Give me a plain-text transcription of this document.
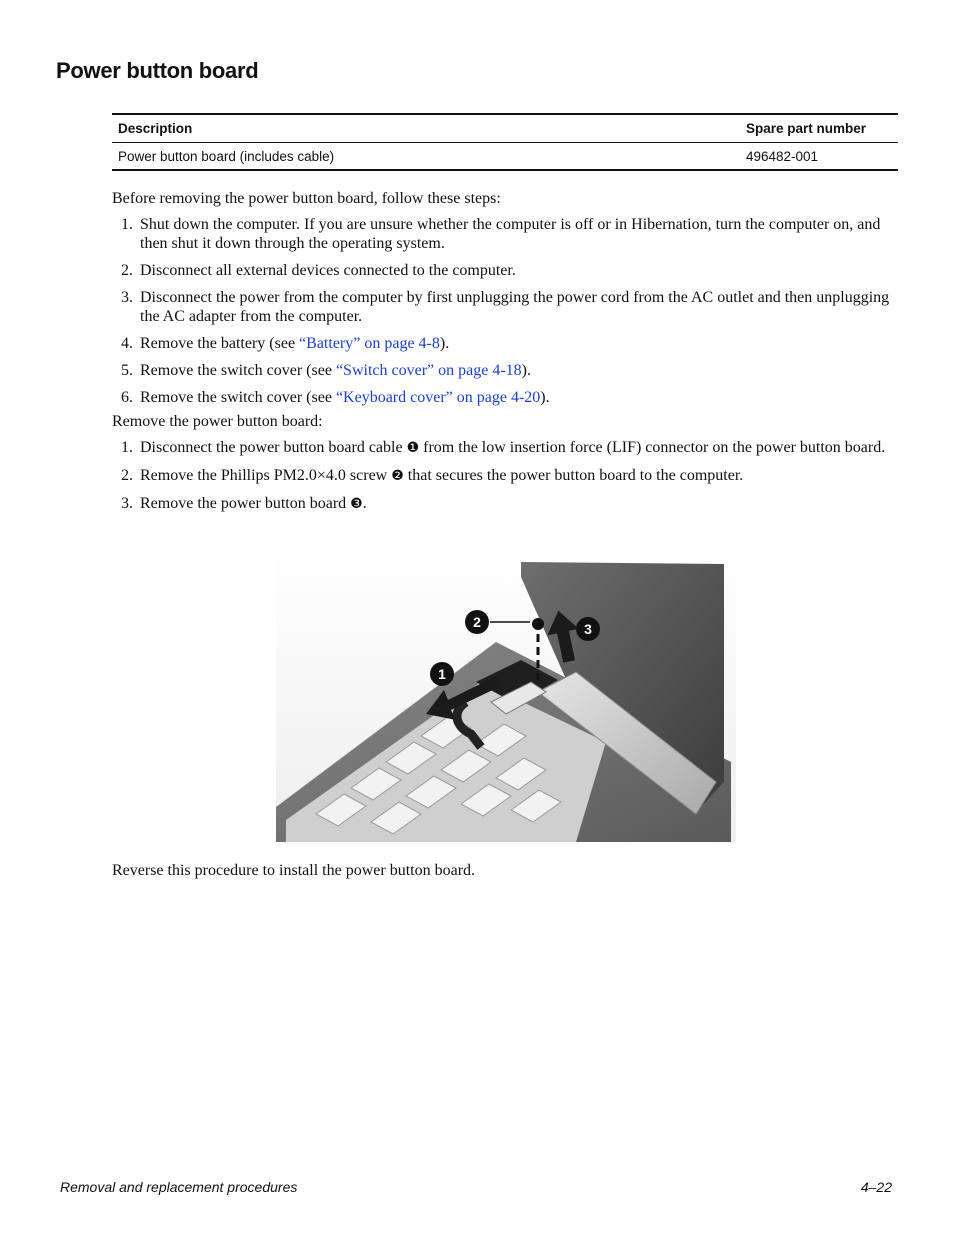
Power button board
Description	Spare part number
Power button board (includes cable)	496482-001
Before removing the power button board, follow these steps:
1. Shut down the computer. If you are unsure whether the computer is off or in Hibernation, turn the computer on, and then shut it down through the operating system.
2. Disconnect all external devices connected to the computer.
3. Disconnect the power from the computer by first unplugging the power cord from the AC outlet and then unplugging the AC adapter from the computer.
4. Remove the battery (see “Battery” on page 4-8).
5. Remove the switch cover (see “Switch cover” on page 4-18).
6. Remove the switch cover (see “Keyboard cover” on page 4-20).
Remove the power button board:
1. Disconnect the power button board cable ❶ from the low insertion force (LIF) connector on the power button board.
2. Remove the Phillips PM2.0×4.0 screw ❷ that secures the power button board to the computer.
3. Remove the power button board ❸.
1
2	3
Reverse this procedure to install the power button board.
Removal and replacement procedures	4–22
